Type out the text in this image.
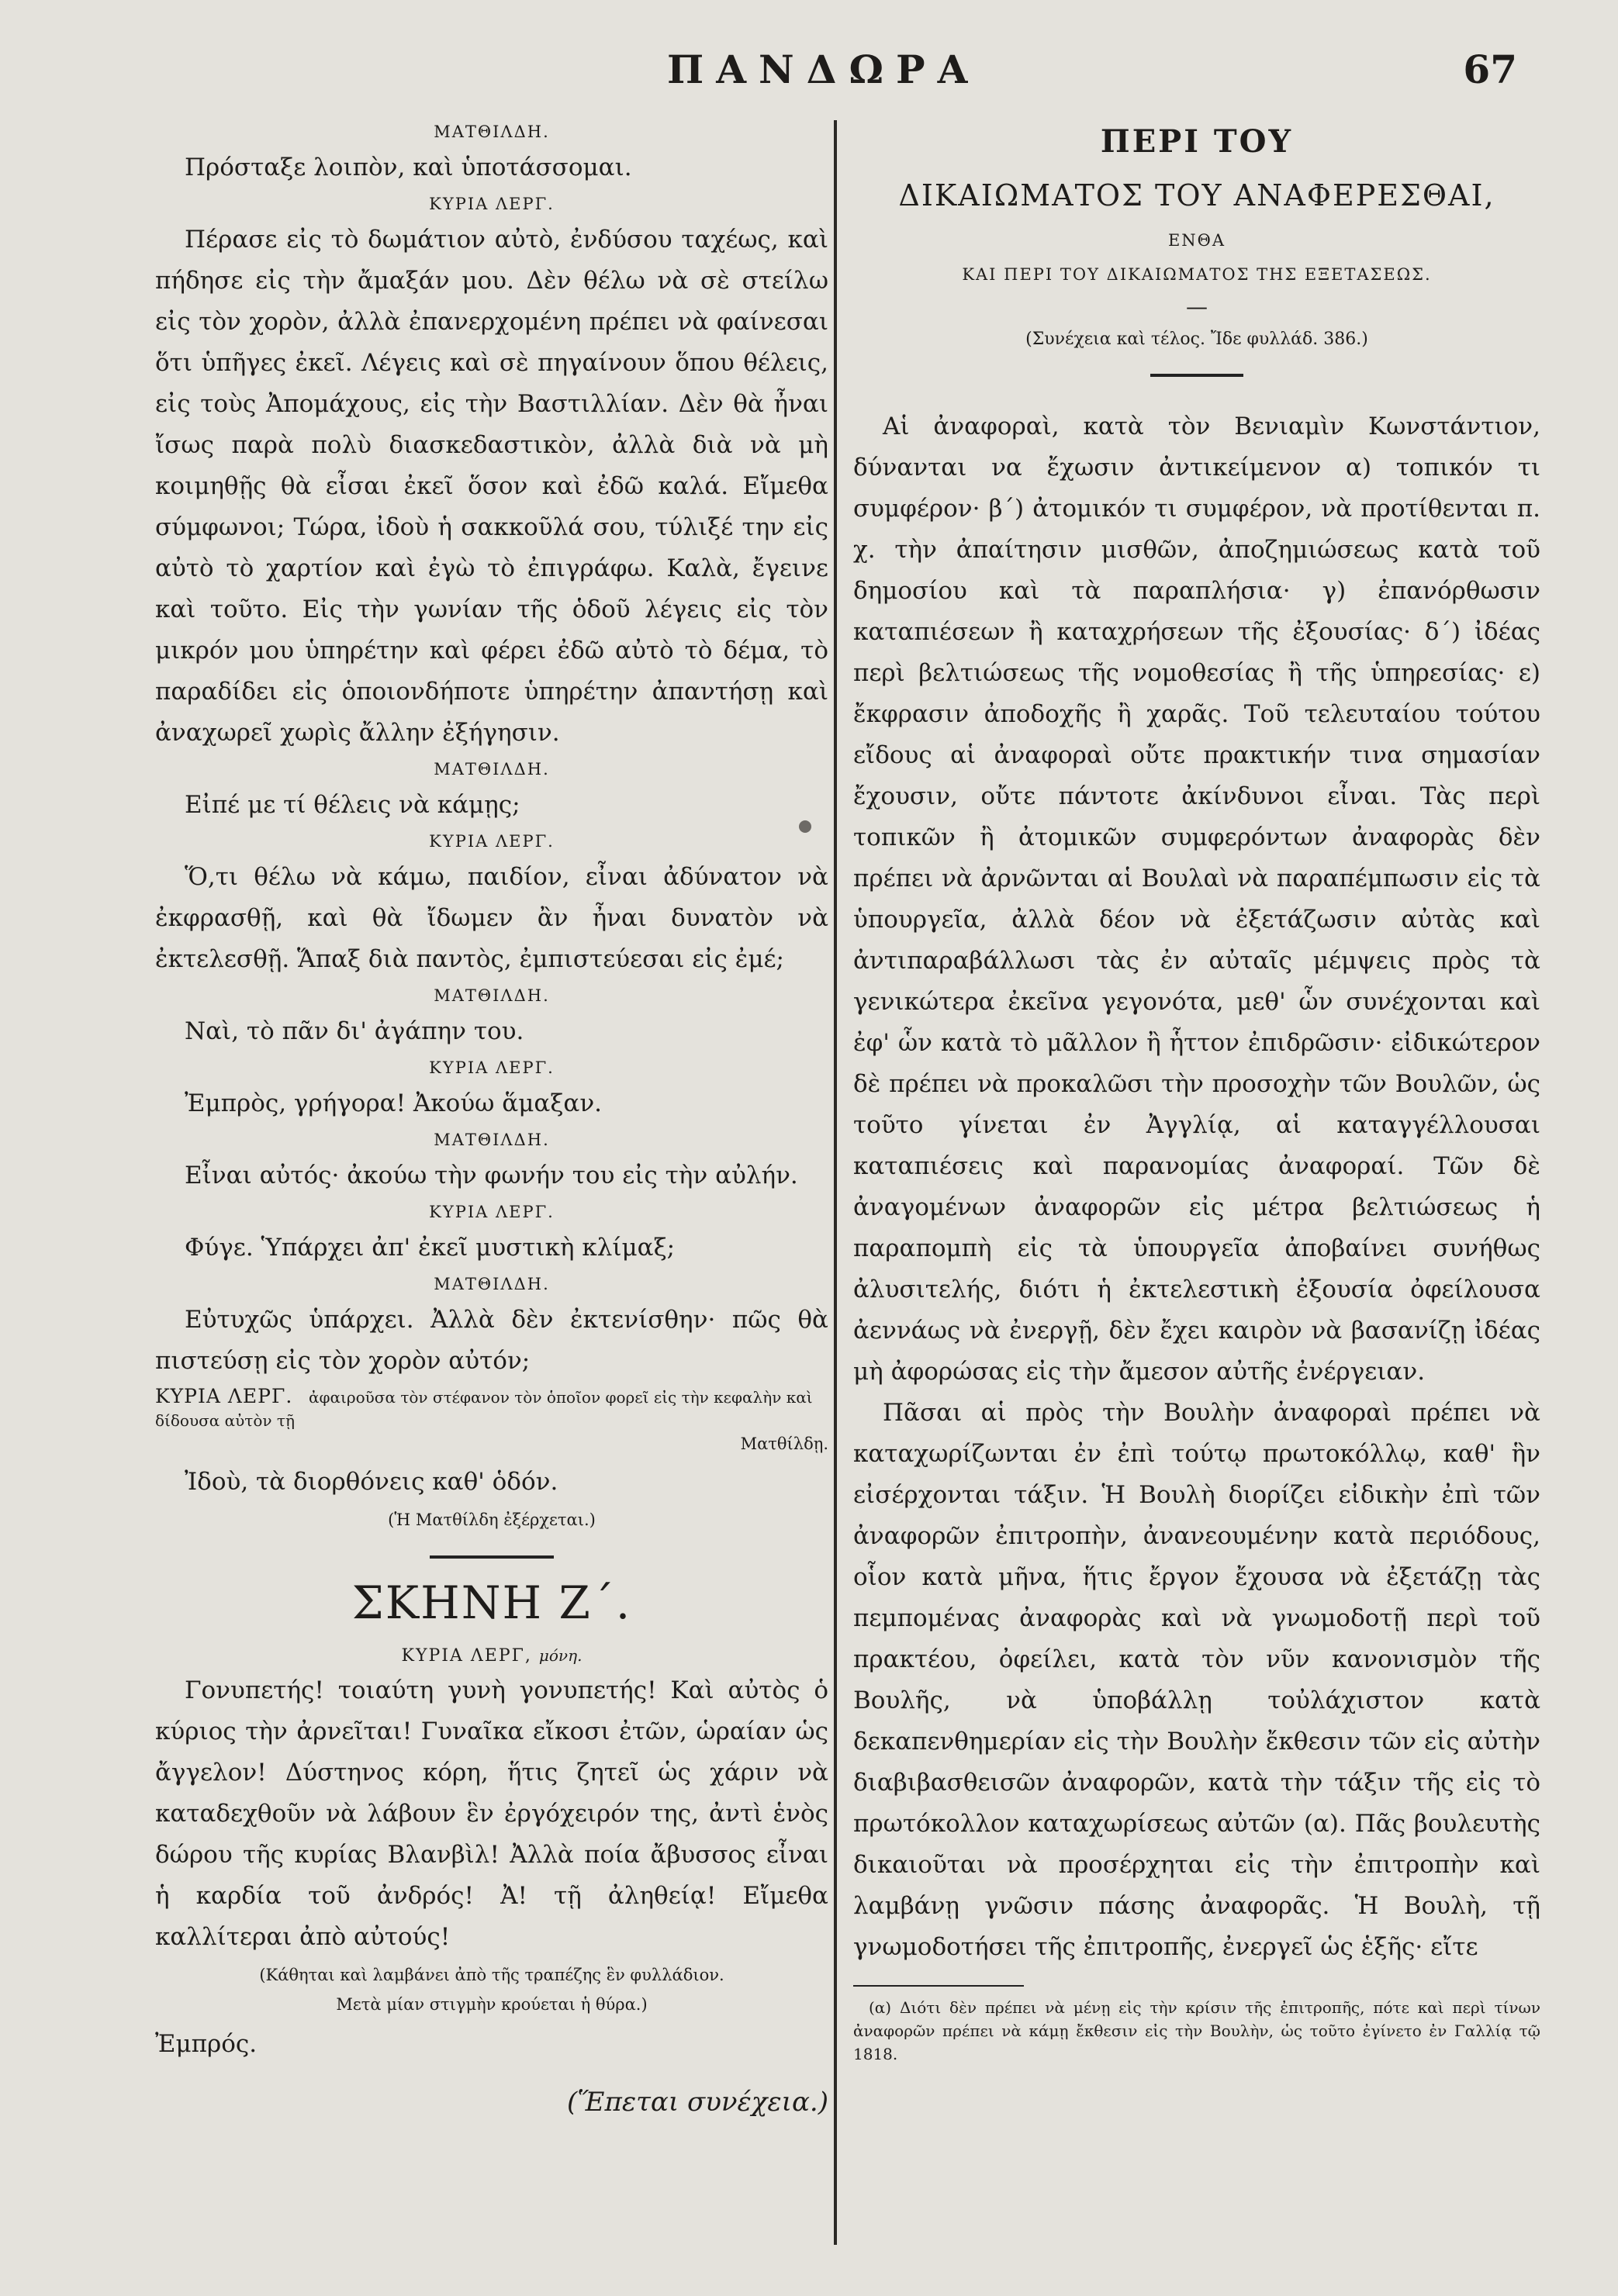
ΠΑΝΔΩΡΑ	67
ΜΑΤΘΙΛΔΗ.

Πρόσταξε λοιπὸν, καὶ ὑποτάσσομαι.

ΚΥΡΙΑ ΛΕΡΓ.

Πέρασε εἰς τὸ δωμάτιον αὐτὸ, ἐνδύσου ταχέως, καὶ πήδησε εἰς τὴν ἄμαξάν μου. Δὲν θέλω νὰ σὲ στείλω εἰς τὸν χορὸν, ἀλλὰ ἐπανερχομένη πρέπει νὰ φαίνεσαι ὅτι ὑπῆγες ἐκεῖ. Λέγεις καὶ σὲ πηγαίνουν ὅπου θέλεις, εἰς τοὺς Ἀπομάχους, εἰς τὴν Βαστιλλίαν. Δὲν θὰ ἦναι ἴσως παρὰ πολὺ διασκεδαστικὸν, ἀλλὰ διὰ νὰ μὴ κοιμηθῇς θὰ εἶσαι ἐκεῖ ὅσον καὶ ἐδῶ καλά. Εἴμεθα σύμφωνοι; Τώρα, ἰδοὺ ἡ σακκοῦλά σου, τύλιξέ την εἰς αὐτὸ τὸ χαρτίον καὶ ἐγὼ τὸ ἐπιγράφω. Καλὰ, ἔγεινε καὶ τοῦτο. Εἰς τὴν γωνίαν τῆς ὁδοῦ λέγεις εἰς τὸν μικρόν μου ὑπηρέτην καὶ φέρει ἐδῶ αὐτὸ τὸ δέμα, τὸ παραδίδει εἰς ὁποιονδήποτε ὑπηρέτην ἀπαντήσῃ καὶ ἀναχωρεῖ χωρὶς ἄλλην ἐξήγησιν.

ΜΑΤΘΙΛΔΗ.

Εἰπέ με τί θέλεις νὰ κάμῃς;

ΚΥΡΙΑ ΛΕΡΓ.

Ὅ,τι θέλω νὰ κάμω, παιδίον, εἶναι ἀδύνατον νὰ ἐκφρασθῇ, καὶ θὰ ἴδωμεν ἂν ἦναι δυνατὸν νὰ ἐκτελεσθῇ. Ἅπαξ διὰ παντὸς, ἐμπιστεύεσαι εἰς ἐμέ;

ΜΑΤΘΙΛΔΗ.

Ναὶ, τὸ πᾶν δι' ἀγάπην του.

ΚΥΡΙΑ ΛΕΡΓ.

Ἐμπρὸς, γρήγορα! Ἀκούω ἅμαξαν.

ΜΑΤΘΙΛΔΗ.

Εἶναι αὐτός· ἀκούω τὴν φωνήν του εἰς τὴν αὐλήν.

ΚΥΡΙΑ ΛΕΡΓ.

Φύγε. Ὑπάρχει ἀπ' ἐκεῖ μυστικὴ κλίμαξ;

ΜΑΤΘΙΛΔΗ.

Εὐτυχῶς ὑπάρχει. Ἀλλὰ δὲν ἐκτενίσθην· πῶς θὰ πιστεύσῃ εἰς τὸν χορὸν αὐτόν;

ΚΥΡΙΑ ΛΕΡΓ. ἀφαιροῦσα τὸν στέφανον τὸν ὁποῖον φορεῖ εἰς τὴν κεφαλὴν καὶ δίδουσα αὐτὸν τῇ
Ματθίλδῃ.

Ἰδοὺ, τὰ διορθόνεις καθ' ὁδόν.

(Ἡ Ματθίλδη ἐξέρχεται.)
ΣΚΗΝΗ Ζ΄.
ΚΥΡΙΑ ΛΕΡΓ, μόνη.

Γονυπετής! τοιαύτη γυνὴ γονυπετής! Καὶ αὐτὸς ὁ κύριος τὴν ἀρνεῖται! Γυναῖκα εἴκοσι ἐτῶν, ὡραίαν ὡς ἄγγελον! Δύστηνος κόρη, ἥτις ζητεῖ ὡς χάριν νὰ καταδεχθοῦν νὰ λάβουν ἓν ἐργόχειρόν της, ἀντὶ ἑνὸς δώρου τῆς κυρίας Βλανβὶλ! Ἀλλὰ ποία ἄβυσσος εἶναι ἡ καρδία τοῦ ἀνδρός! Ἀ! τῇ ἀληθείᾳ! Εἴμεθα καλλίτεραι ἀπὸ αὐτούς!

(Κάθηται καὶ λαμβάνει ἀπὸ τῆς τραπέζης ἓν φυλλάδιον.
Μετὰ μίαν στιγμὴν κρούεται ἡ θύρα.)
Ἐμπρός.
(Ἕπεται συνέχεια.)
ΠΕΡΙ ΤΟΥ
ΔΙΚΑΙΩΜΑΤΟΣ ΤΟΥ ΑΝΑΦΕΡΕΣΘΑΙ,
ΕΝΘΑ
ΚΑΙ ΠΕΡΙ ΤΟΥ ΔΙΚΑΙΩΜΑΤΟΣ ΤΗΣ ΕΞΕΤΑΣΕΩΣ.
—
(Συνέχεια καὶ τέλος. Ἴδε φυλλάδ. 386.)

Αἱ ἀναφοραὶ, κατὰ τὸν Βενιαμὶν Κωνστάντιον, δύνανται να ἔχωσιν ἀντικείμενον α) τοπικόν τι συμφέρον· β΄) ἀτομικόν τι συμφέρον, νὰ προτίθενται π. χ. τὴν ἀπαίτησιν μισθῶν, ἀποζημιώσεως κατὰ τοῦ δημοσίου καὶ τὰ παραπλήσια· γ) ἐπανόρθωσιν καταπιέσεων ἢ καταχρήσεων τῆς ἐξουσίας· δ΄) ἰδέας περὶ βελτιώσεως τῆς νομοθεσίας ἢ τῆς ὑπηρεσίας· ε) ἔκφρασιν ἀποδοχῆς ἢ χαρᾶς. Τοῦ τελευταίου τούτου εἴδους αἱ ἀναφοραὶ οὔτε πρακτικήν τινα σημασίαν ἔχουσιν, οὔτε πάντοτε ἀκίνδυνοι εἶναι. Τὰς περὶ τοπικῶν ἢ ἀτομικῶν συμφερόντων ἀναφορὰς δὲν πρέπει νὰ ἀρνῶνται αἱ Βουλαὶ νὰ παραπέμπωσιν εἰς τὰ ὑπουργεῖα, ἀλλὰ δέον νὰ ἐξετάζωσιν αὐτὰς καὶ ἀντιπαραβάλλωσι τὰς ἐν αὐταῖς μέμψεις πρὸς τὰ γενικώτερα ἐκεῖνα γεγονότα, μεθ' ὧν συνέχονται καὶ ἐφ' ὧν κατὰ τὸ μᾶλλον ἢ ἧττον ἐπιδρῶσιν· εἰδικώτερον δὲ πρέπει νὰ προκαλῶσι τὴν προσοχὴν τῶν Βουλῶν, ὡς τοῦτο γίνεται ἐν Ἀγγλίᾳ, αἱ καταγγέλλουσαι καταπιέσεις καὶ παρανομίας ἀναφοραί. Τῶν δὲ ἀναγομένων ἀναφορῶν εἰς μέτρα βελτιώσεως ἡ παραπομπὴ εἰς τὰ ὑπουργεῖα ἀποβαίνει συνήθως ἀλυσιτελής, διότι ἡ ἐκτελεστικὴ ἐξουσία ὀφείλουσα ἀεννάως νὰ ἐνεργῇ, δὲν ἔχει καιρὸν νὰ βασανίζῃ ἰδέας μὴ ἀφορώσας εἰς τὴν ἄμεσον αὐτῆς ἐνέργειαν.

Πᾶσαι αἱ πρὸς τὴν Βουλὴν ἀναφοραὶ πρέπει νὰ καταχωρίζωνται ἐν ἐπὶ τούτῳ πρωτοκόλλῳ, καθ' ἣν εἰσέρχονται τάξιν. Ἡ Βουλὴ διορίζει εἰδικὴν ἐπὶ τῶν ἀναφορῶν ἐπιτροπὴν, ἀνανεουμένην κατὰ περιόδους, οἷον κατὰ μῆνα, ἥτις ἔργον ἔχουσα νὰ ἐξετάζῃ τὰς πεμπομένας ἀναφορὰς καὶ νὰ γνωμοδοτῇ περὶ τοῦ πρακτέου, ὀφείλει, κατὰ τὸν νῦν κανονισμὸν τῆς Βουλῆς, νὰ ὑποβάλλῃ τοὐλάχιστον κατὰ δεκαπενθημερίαν εἰς τὴν Βουλὴν ἔκθεσιν τῶν εἰς αὐτὴν διαβιβασθεισῶν ἀναφορῶν, κατὰ τὴν τάξιν τῆς εἰς τὸ πρωτόκολλον καταχωρίσεως αὐτῶν (α). Πᾶς βουλευτὴς δικαιοῦται νὰ προσέρχηται εἰς τὴν ἐπιτροπὴν καὶ λαμβάνῃ γνῶσιν πάσης ἀναφορᾶς. Ἡ Βουλὴ, τῇ γνωμοδοτήσει τῆς ἐπιτροπῆς, ἐνεργεῖ ὡς ἑξῆς· εἴτε

(α) Διότι δὲν πρέπει νὰ μένῃ εἰς τὴν κρίσιν τῆς ἐπιτροπῆς, πότε καὶ περὶ τίνων ἀναφορῶν πρέπει νὰ κάμῃ ἔκθεσιν εἰς τὴν Βουλὴν, ὡς τοῦτο ἐγίνετο ἐν Γαλλίᾳ τῷ 1818.
